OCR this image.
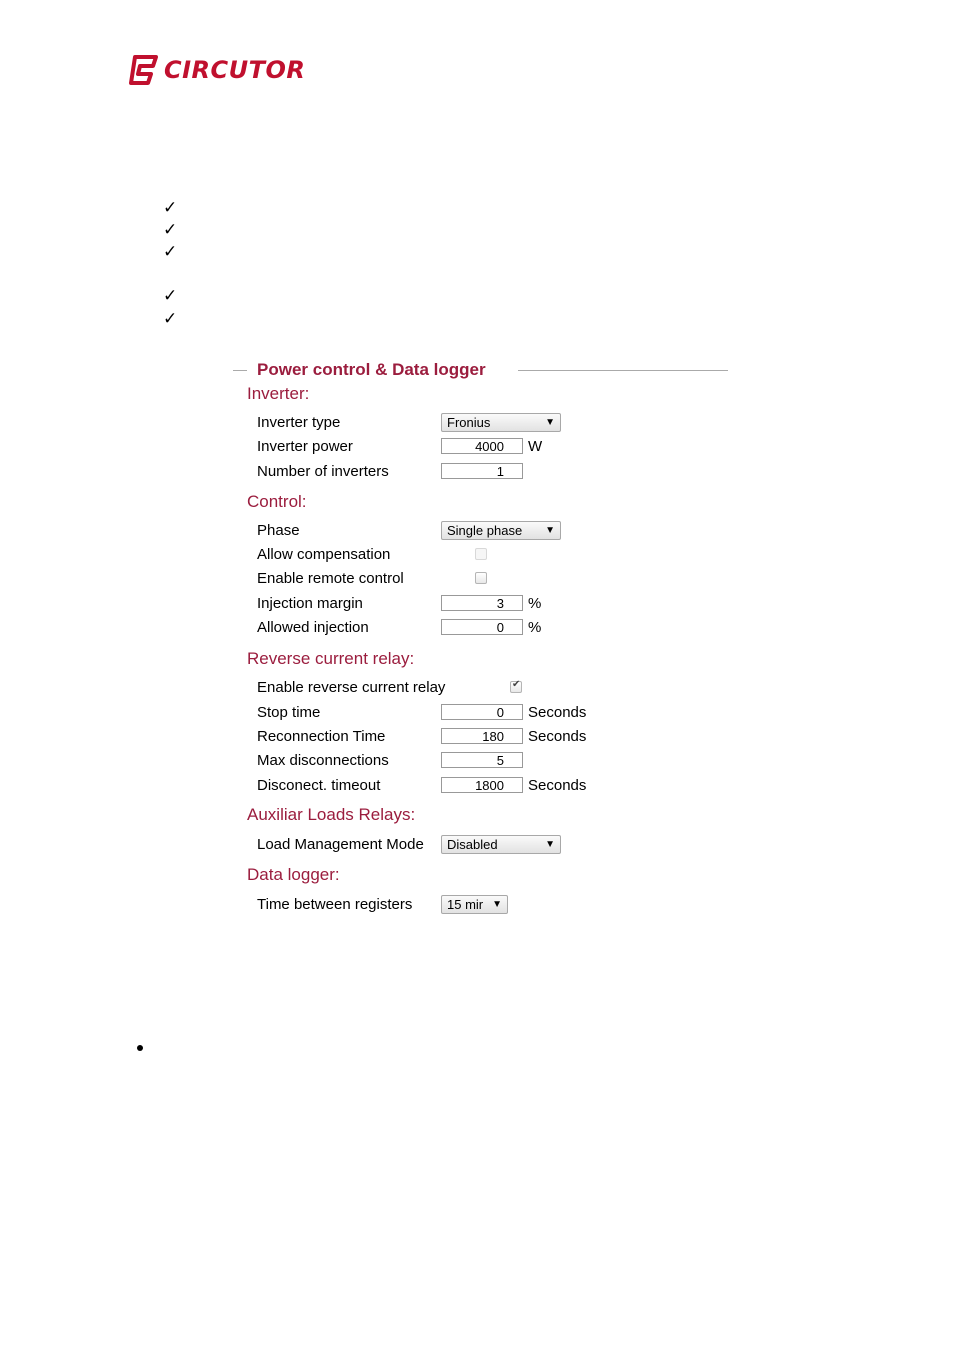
CIRCUTOR
✓
✓
✓
✓
✓
Power control & Data logger
Inverter:
Inverter type	Fronius	▼
Inverter power	4000	W
Number of inverters	1
Control:
Phase	Single phase ▼
Allow compensation
Enable remote control
Injection margin	3	%
Allowed injection	0	%
Reverse current relay:
Enable reverse current relay	✔
Stop time	0	Seconds
Reconnection Time	180	Seconds
Max disconnections	5
Disconect. timeout	1800	Seconds
Auxiliar Loads Relays:
Load Management Mode	Disabled	▼
Data logger:
Time between registers	15 mir ▼
